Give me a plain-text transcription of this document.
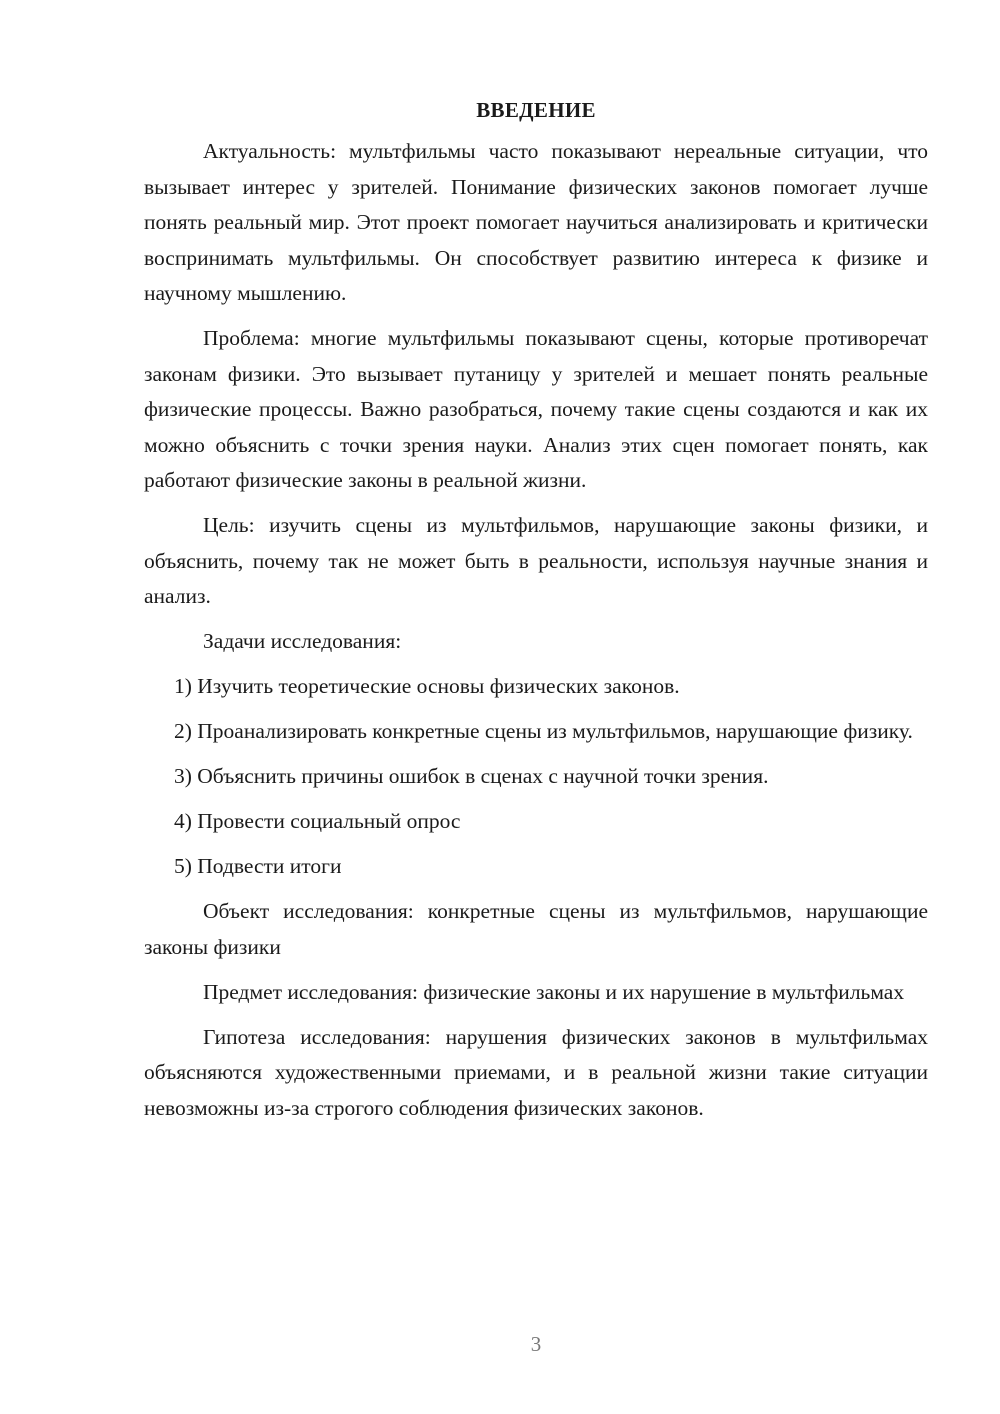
ВВЕДЕНИЕ

Актуальность: мультфильмы часто показывают нереальные ситуации, что вызывает интерес у зрителей. Понимание физических законов помогает лучше понять реальный мир. Этот проект помогает научиться анализировать и критически воспринимать мультфильмы. Он способствует развитию интереса к физике и научному мышлению.

Проблема: многие мультфильмы показывают сцены, которые противоречат законам физики. Это вызывает путаницу у зрителей и мешает понять реальные физические процессы. Важно разобраться, почему такие сцены создаются и как их можно объяснить с точки зрения науки. Анализ этих сцен помогает понять, как работают физические законы в реальной жизни.

Цель: изучить сцены из мультфильмов, нарушающие законы физики, и объяснить, почему так не может быть в реальности, используя научные знания и анализ.

Задачи исследования:

1) Изучить теоретические основы физических законов.

2) Проанализировать конкретные сцены из мультфильмов, нарушающие физику.

3) Объяснить причины ошибок в сценах с научной точки зрения.

4) Провести социальный опрос

5) Подвести итоги

Объект исследования: конкретные сцены из мультфильмов, нарушающие законы физики

Предмет исследования: физические законы и их нарушение в мультфильмах

Гипотеза исследования: нарушения физических законов в мультфильмах объясняются художественными приемами, и в реальной жизни такие ситуации невозможны из-за строгого соблюдения физических законов.

3
